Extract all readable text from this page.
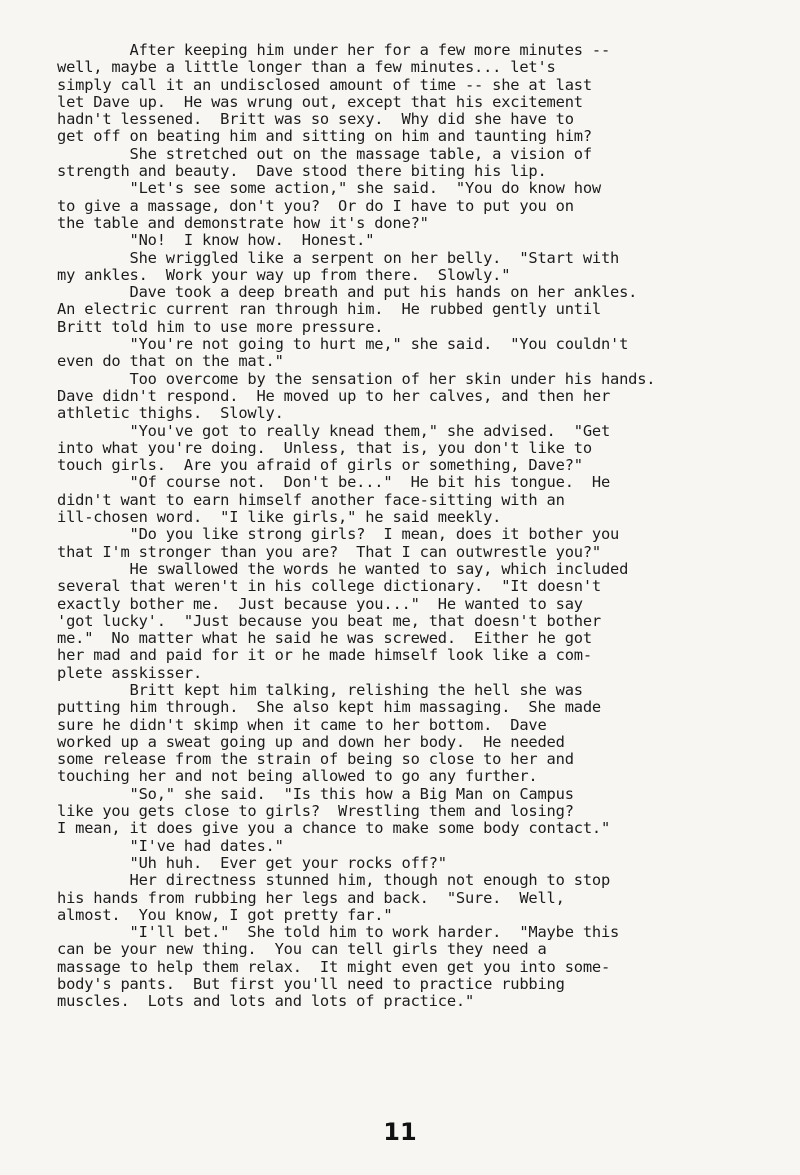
After keeping him under her for a few more minutes --
well, maybe a little longer than a few minutes... let's
simply call it an undisclosed amount of time -- she at last
let Dave up.  He was wrung out, except that his excitement
hadn't lessened.  Britt was so sexy.  Why did she have to
get off on beating him and sitting on him and taunting him?
She stretched out on the massage table, a vision of
strength and beauty.  Dave stood there biting his lip.
"Let's see some action," she said.  "You do know how
to give a massage, don't you?  Or do I have to put you on
the table and demonstrate how it's done?"
"No!  I know how.  Honest."
She wriggled like a serpent on her belly.  "Start with
my ankles.  Work your way up from there.  Slowly."
Dave took a deep breath and put his hands on her ankles.
An electric current ran through him.  He rubbed gently until
Britt told him to use more pressure.
"You're not going to hurt me," she said.  "You couldn't
even do that on the mat."
Too overcome by the sensation of her skin under his hands.
Dave didn't respond.  He moved up to her calves, and then her
athletic thighs.  Slowly.
"You've got to really knead them," she advised.  "Get
into what you're doing.  Unless, that is, you don't like to
touch girls.  Are you afraid of girls or something, Dave?"
"Of course not.  Don't be..."  He bit his tongue.  He
didn't want to earn himself another face-sitting with an
ill-chosen word.  "I like girls," he said meekly.
"Do you like strong girls?  I mean, does it bother you
that I'm stronger than you are?  That I can outwrestle you?"
He swallowed the words he wanted to say, which included
several that weren't in his college dictionary.  "It doesn't
exactly bother me.  Just because you..."  He wanted to say
'got lucky'.  "Just because you beat me, that doesn't bother
me."  No matter what he said he was screwed.  Either he got
her mad and paid for it or he made himself look like a com-
plete asskisser.
Britt kept him talking, relishing the hell she was
putting him through.  She also kept him massaging.  She made
sure he didn't skimp when it came to her bottom.  Dave
worked up a sweat going up and down her body.  He needed
some release from the strain of being so close to her and
touching her and not being allowed to go any further.
"So," she said.  "Is this how a Big Man on Campus
like you gets close to girls?  Wrestling them and losing?
I mean, it does give you a chance to make some body contact."
"I've had dates."
"Uh huh.  Ever get your rocks off?"
Her directness stunned him, though not enough to stop
his hands from rubbing her legs and back.  "Sure.  Well,
almost.  You know, I got pretty far."
"I'll bet."  She told him to work harder.  "Maybe this
can be your new thing.  You can tell girls they need a
massage to help them relax.  It might even get you into some-
body's pants.  But first you'll need to practice rubbing
muscles.  Lots and lots and lots of practice."
11
